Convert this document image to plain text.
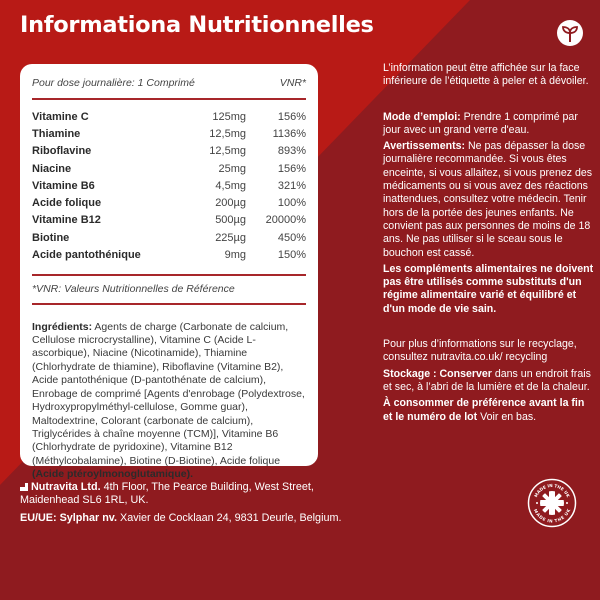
Informationa Nutritionnelles
Pour dose journalière: 1 Comprimé	VNR*
Vitamine C	125mg	156%
Thiamine	12,5mg	1136%
Riboflavine	12,5mg	893%
Niacine	25mg	156%
Vitamine B6	4,5mg	321%
Acide folique	200µg	100%
Vitamine B12	500µg	20000%
Biotine	225µg	450%
Acide pantothénique	9mg	150%
*VNR: Valeurs Nutritionnelles de Référence
Ingrédients: Agents de charge (Carbonate de calcium, Cellulose microcrystalline), Vitamine C (Acide L-ascorbique), Niacine (Nicotinamide), Thiamine (Chlorhydrate de thiamine), Riboflavine (Vitamine B2), Acide pantothénique (D-pantothénate de calcium), Enrobage de comprimé [Agents d'enrobage (Polydextrose, Hydroxypropylméthyl-cellulose, Gomme guar), Maltodextrine, Colorant (carbonate de calcium), Triglycérides à chaîne moyenne (TCM)], Vitamine B6 (Chlorhydrate de pyridoxine), Vitamine B12 (Méthylcobalamine), Biotine (D-Biotine), Acide folique (Acide ptéroylmonoglutamique).

Nutravita Ltd. 4th Floor, The Pearce Building, West Street, Maidenhead SL6 1RL, UK.

EU/UE: Sylphar nv. Xavier de Cocklaan 24, 9831 Deurle, Belgium.

L’information peut être affichée sur la face inférieure de l’étiquette à peler et à dévoiler.

Mode d’emploi: Prendre 1 comprimé par jour avec un grand verre d'eau.

Avertissements: Ne pas dépasser la dose journalière recommandée. Si vous êtes enceinte, si vous allaitez, si vous prenez des médicaments ou si vous avez des réactions inattendues, consultez votre médecin. Tenir hors de la portée des jeunes enfants. Ne convient pas aux personnes de moins de 18 ans. Ne pas utiliser si le sceau sous le bouchon est cassé.

Les compléments alimentaires ne doivent pas être utilisés comme substituts d'un régime alimentaire varié et équilibré et d'un mode de vie sain.

Pour plus d’informations sur le recyclage, consultez nutravita.co.uk/ recycling

Stockage : Conserver dans un endroit frais et sec, à l’abri de la lumière et de la chaleur.

À consommer de préférence avant la fin et le numéro de lot Voir en bas.

MADE IN THE UK
MADE IN THE UK
